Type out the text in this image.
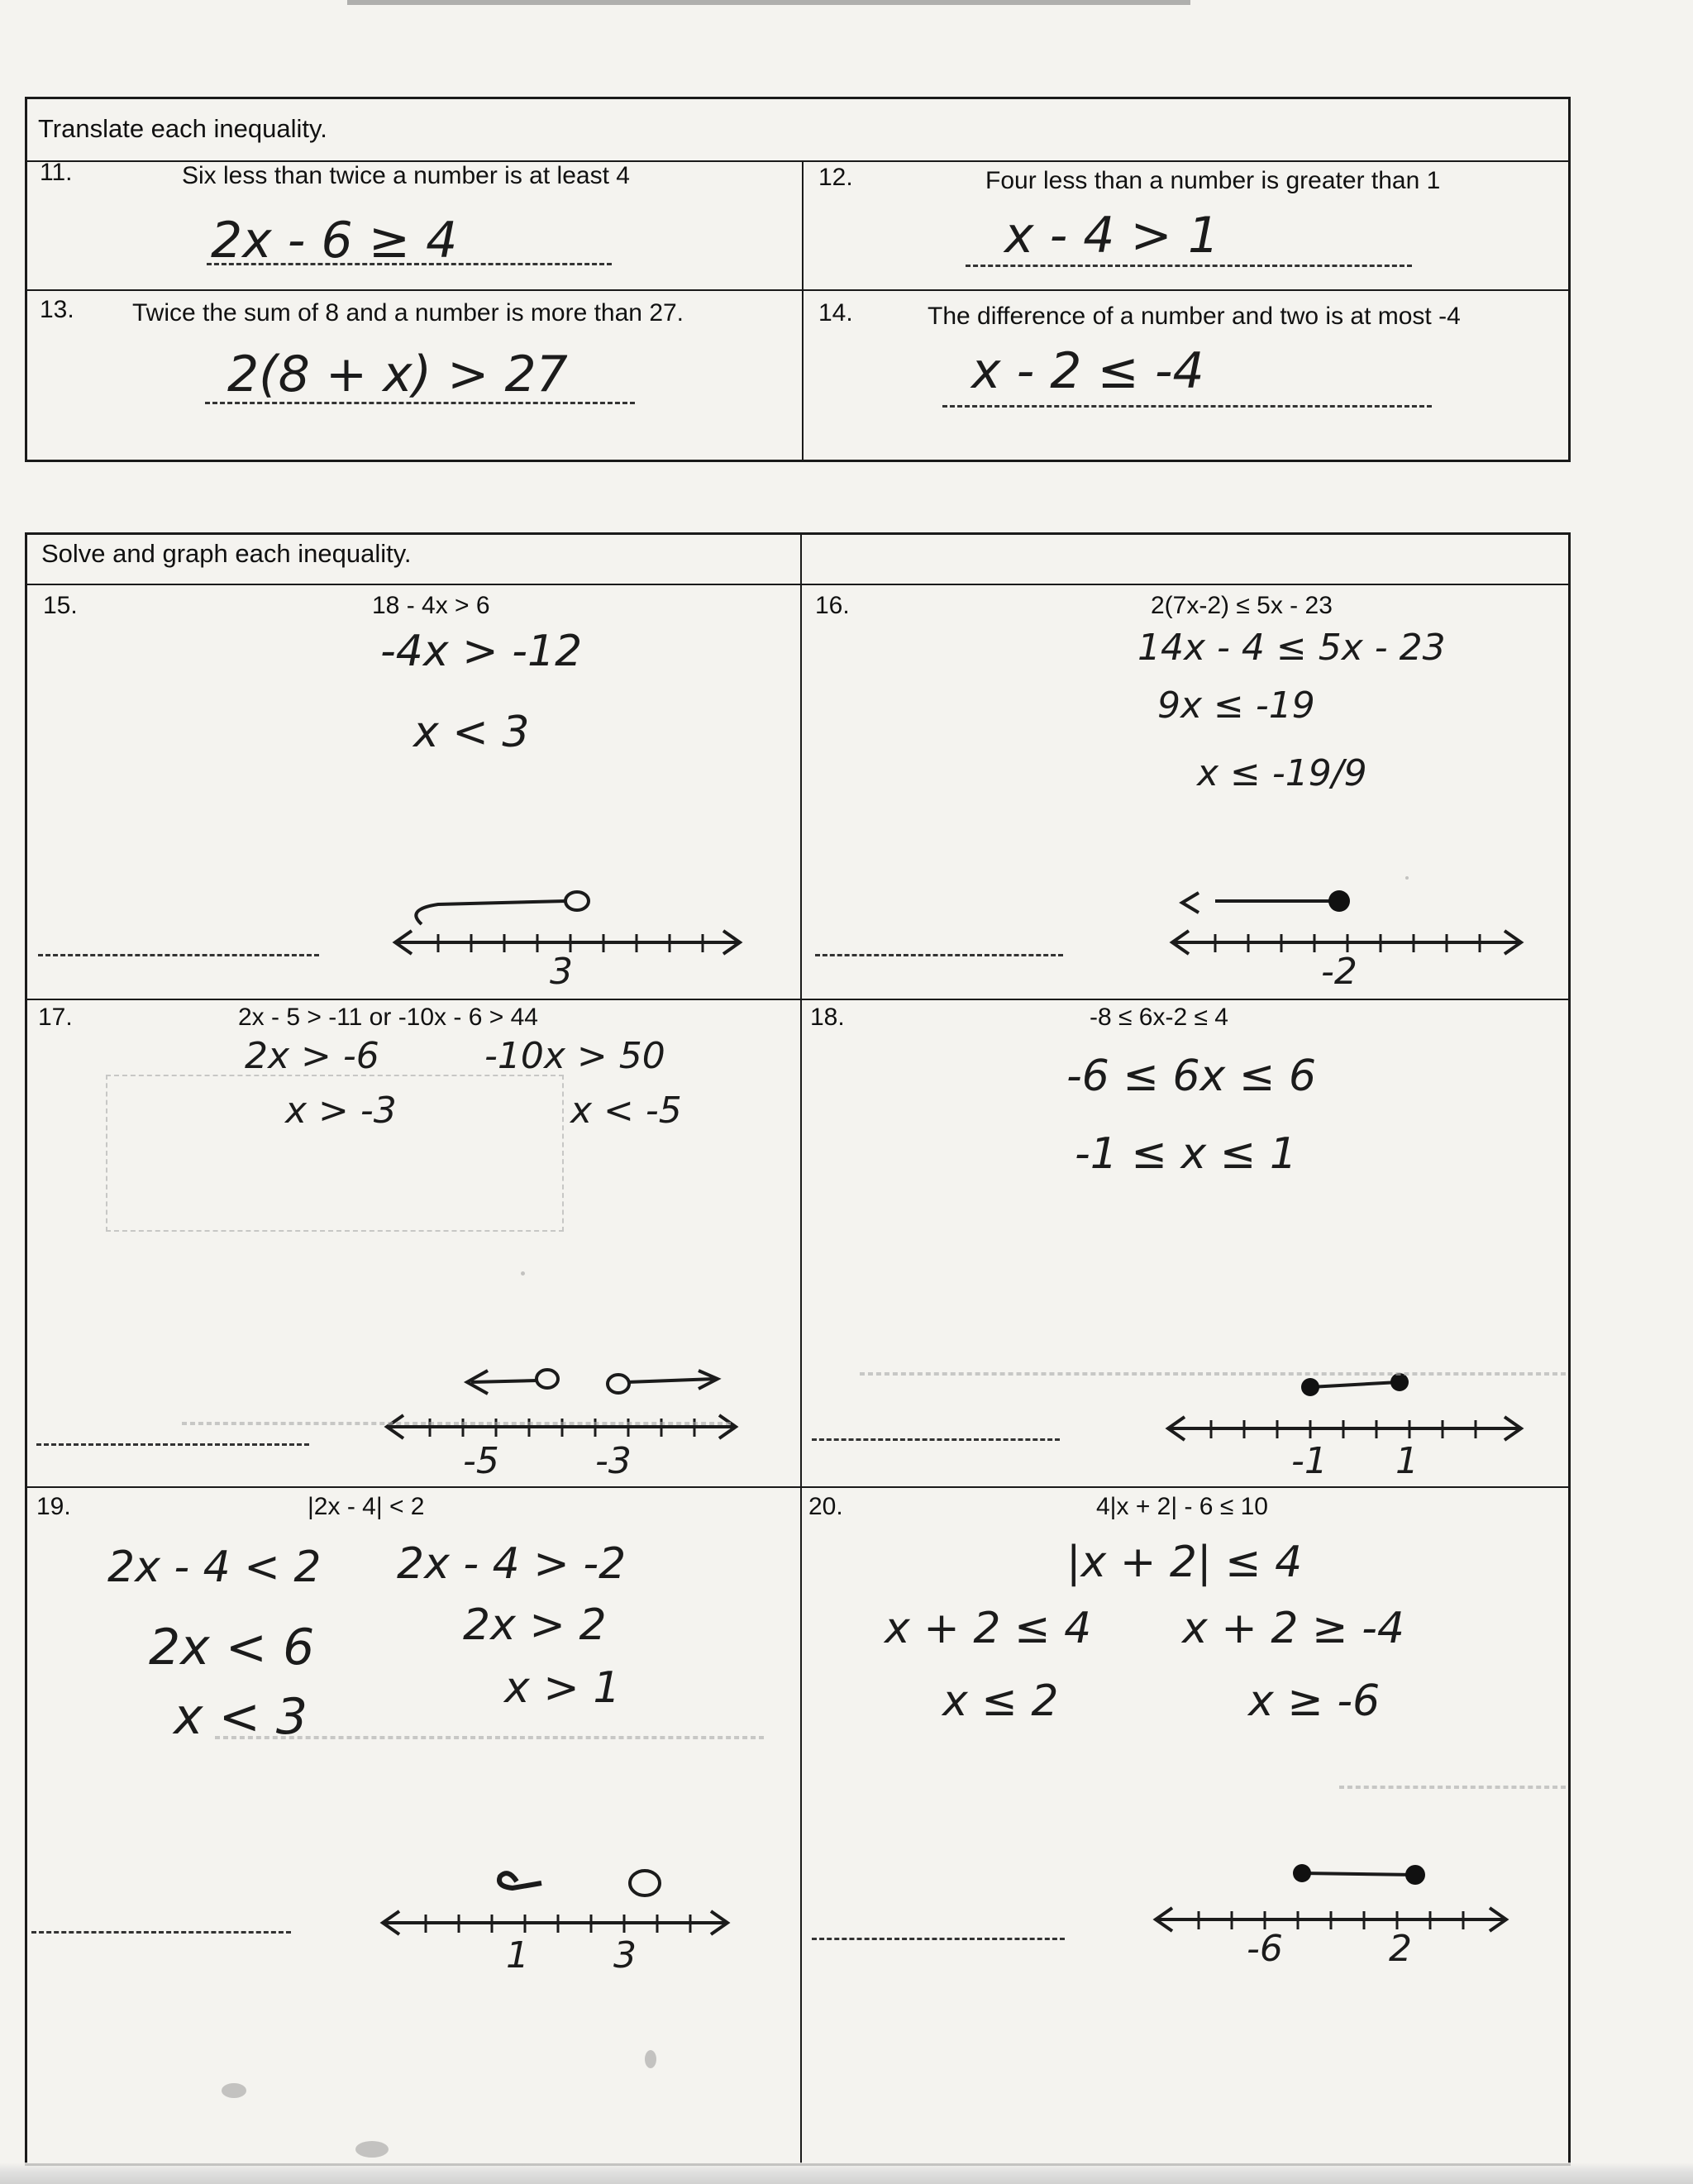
Translate each inequality.
11.	Six less than twice a number is at least 4
2x - 6 ≥ 4
12.	Four less than a number is greater than 1
x - 4 > 1
13. Twice the sum of 8 and a number is more than 27.
2(8 + x) > 27
14.	The difference of a number and two is at most -4
x - 2 ≤ -4
Solve and graph each inequality.
15.	18 - 4x > 6
-4x > -12
x < 3
3
16.	2(7x-2) ≤ 5x - 23
14x - 4 ≤ 5x - 23
9x ≤ -19
x ≤ -19/9
-2
17.	2x - 5 > -11 or -10x - 6 > 44
2x > -6
x > -3
-10x > 50
x < -5
-5	-3
18.	-8 ≤ 6x-2 ≤ 4
-6 ≤ 6x ≤ 6
-1 ≤ x ≤ 1
-1 1
19.	|2x - 4| < 2
2x - 4 < 2
2x < 6
x < 3
2x - 4 > -2
2x > 2
x > 1
1 3
20.	4|x + 2| - 6 ≤ 10
|x + 2| ≤ 4
x + 2 ≤ 4
x ≤ 2
x + 2 ≥ -4
x ≥ -6
-6	2
